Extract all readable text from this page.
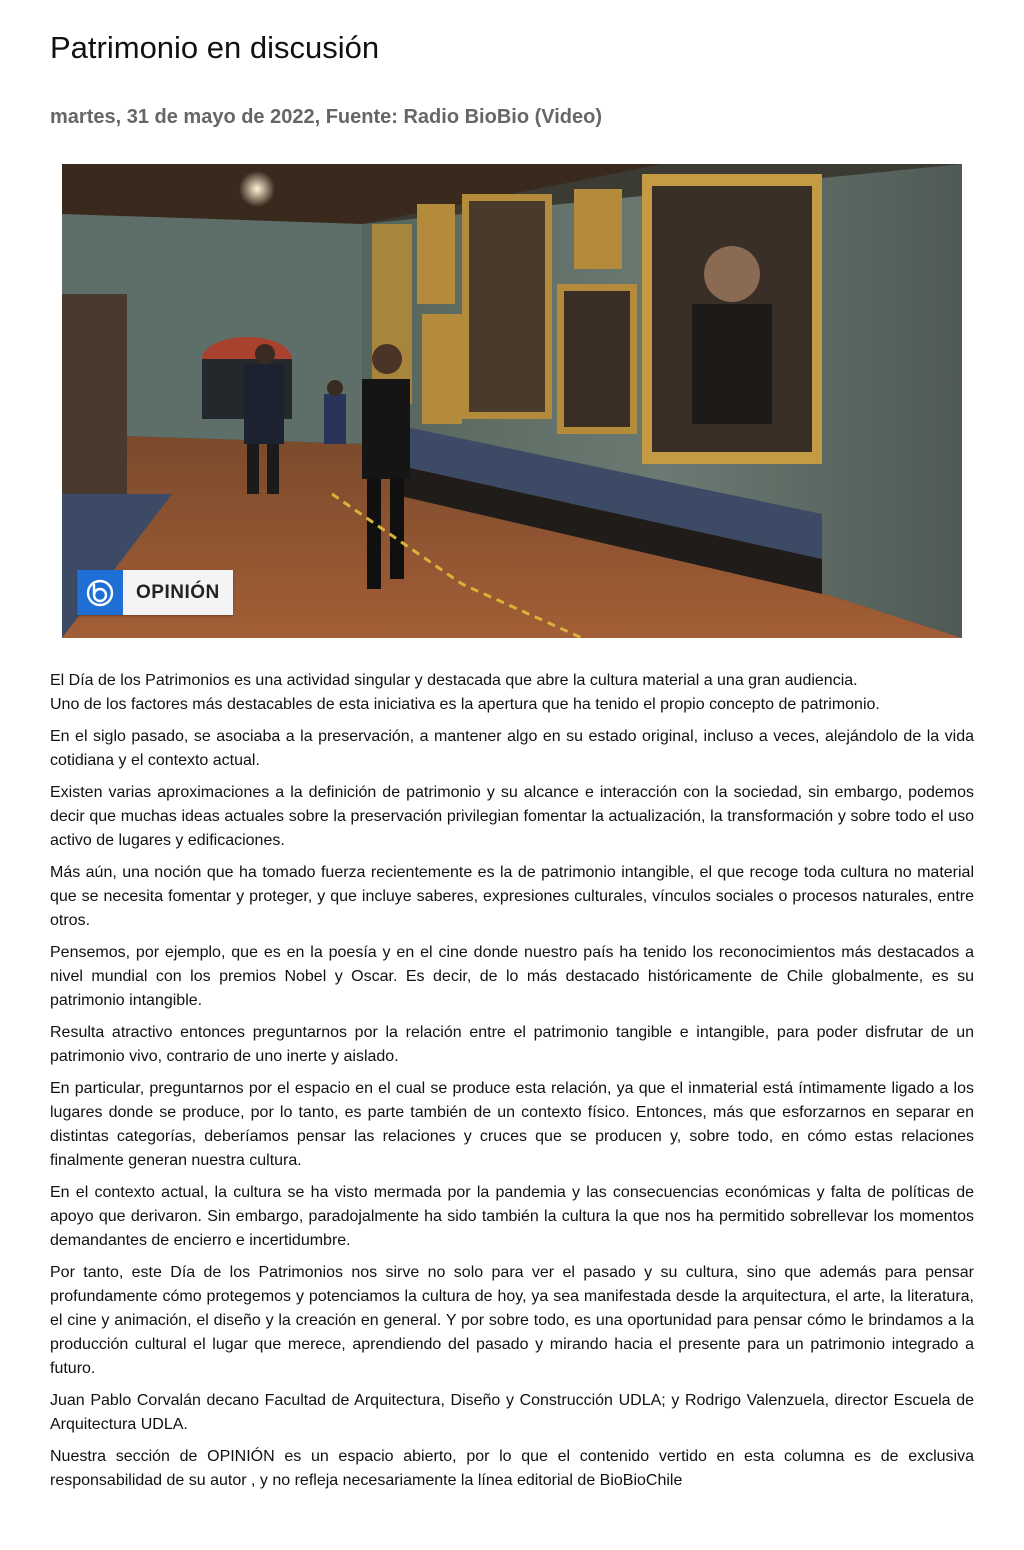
Patrimonio en discusión

martes, 31 de mayo de 2022, Fuente: Radio BioBio (Video)

OPINIÓN

El Día de los Patrimonios es una actividad singular y destacada que abre la cultura material a una gran audiencia.
Uno de los factores más destacables de esta iniciativa es la apertura que ha tenido el propio concepto de patrimonio.

En el siglo pasado, se asociaba a la preservación, a mantener algo en su estado original, incluso a veces, alejándolo de la vida cotidiana y el contexto actual.

Existen varias aproximaciones a la definición de patrimonio y su alcance e interacción con la sociedad, sin embargo, podemos decir que muchas ideas actuales sobre la preservación privilegian fomentar la actualización, la transformación y sobre todo el uso activo de lugares y edificaciones.

Más aún, una noción que ha tomado fuerza recientemente es la de patrimonio intangible, el que recoge toda cultura no material que se necesita fomentar y proteger, y que incluye saberes, expresiones culturales, vínculos sociales o procesos naturales, entre otros.

Pensemos, por ejemplo, que es en la poesía y en el cine donde nuestro país ha tenido los reconocimientos más destacados a nivel mundial con los premios Nobel y Oscar. Es decir, de lo más destacado históricamente de Chile globalmente, es su patrimonio intangible.

Resulta atractivo entonces preguntarnos por la relación entre el patrimonio tangible e intangible, para poder disfrutar de un patrimonio vivo, contrario de uno inerte y aislado.

En particular, preguntarnos por el espacio en el cual se produce esta relación, ya que el inmaterial está íntimamente ligado a los lugares donde se produce, por lo tanto, es parte también de un contexto físico. Entonces, más que esforzarnos en separar en distintas categorías, deberíamos pensar las relaciones y cruces que se producen y, sobre todo, en cómo estas relaciones finalmente generan nuestra cultura.

En el contexto actual, la cultura se ha visto mermada por la pandemia y las consecuencias económicas y falta de políticas de apoyo que derivaron. Sin embargo, paradojalmente ha sido también la cultura la que nos ha permitido sobrellevar los momentos demandantes de encierro e incertidumbre.

Por tanto, este Día de los Patrimonios nos sirve no solo para ver el pasado y su cultura, sino que además para pensar profundamente cómo protegemos y potenciamos la cultura de hoy, ya sea manifestada desde la arquitectura, el arte, la literatura, el cine y animación, el diseño y la creación en general. Y por sobre todo, es una oportunidad para pensar cómo le brindamos a la producción cultural el lugar que merece, aprendiendo del pasado y mirando hacia el presente para un patrimonio integrado a futuro.

Juan Pablo Corvalán decano Facultad de Arquitectura, Diseño y Construcción UDLA; y Rodrigo Valenzuela, director Escuela de Arquitectura UDLA.

Nuestra sección de OPINIÓN es un espacio abierto, por lo que el contenido vertido en esta columna es de exclusiva responsabilidad de su autor , y no refleja necesariamente la línea editorial de BioBioChile
